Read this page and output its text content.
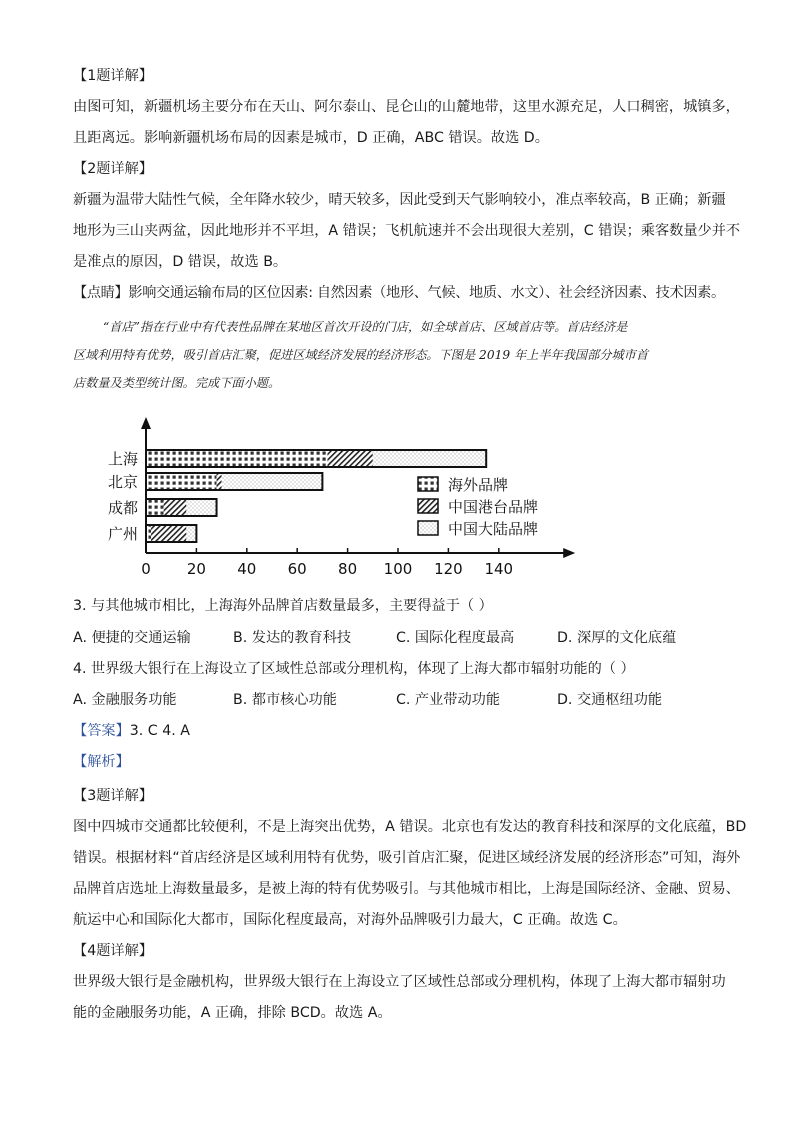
【1题详解】
由图可知，新疆机场主要分布在天山、阿尔泰山、昆仑山的山麓地带，这里水源充足，人口稠密，城镇多，
且距离远。影响新疆机场布局的因素是城市，D 正确，ABC 错误。故选 D。
【2题详解】
新疆为温带大陆性气候，全年降水较少，晴天较多，因此受到天气影响较小，准点率较高，B 正确；新疆
地形为三山夹两盆，因此地形并不平坦，A 错误；飞机航速并不会出现很大差别，C 错误；乘客数量少并不
是准点的原因，D 错误，故选 B。
【点睛】影响交通运输布局的区位因素: 自然因素（地形、气候、地质、水文）、社会经济因素、技术因素。
“首店”指在行业中有代表性品牌在某地区首次开设的门店，如全球首店、区域首店等。首店经济是
区域利用特有优势，吸引首店汇聚，促进区域经济发展的经济形态。下图是 2019 年上半年我国部分城市首
店数量及类型统计图。完成下面小题。
0 20 40 60 80 100 120 140
上海
北京
成都
广州
海外品牌
中国港台品牌
中国大陆品牌
3. 与其他城市相比，上海海外品牌首店数量最多，主要得益于（ ）
A. 便捷的交通运输	B. 发达的教育科技	C. 国际化程度最高	D. 深厚的文化底蕴
4. 世界级大银行在上海设立了区域性总部或分理机构，体现了上海大都市辐射功能的（ ）
A. 金融服务功能	B. 都市核心功能	C. 产业带动功能	D. 交通枢纽功能
【答案】3. C 4. A
【解析】
【3题详解】
图中四城市交通都比较便利，不是上海突出优势，A 错误。北京也有发达的教育科技和深厚的文化底蕴，BD
错误。根据材料“首店经济是区域利用特有优势，吸引首店汇聚，促进区域经济发展的经济形态”可知，海外
品牌首店选址上海数量最多，是被上海的特有优势吸引。与其他城市相比，上海是国际经济、金融、贸易、
航运中心和国际化大都市，国际化程度最高，对海外品牌吸引力最大，C 正确。故选 C。
【4题详解】
世界级大银行是金融机构，世界级大银行在上海设立了区域性总部或分理机构，体现了上海大都市辐射功
能的金融服务功能，A 正确，排除 BCD。故选 A。
